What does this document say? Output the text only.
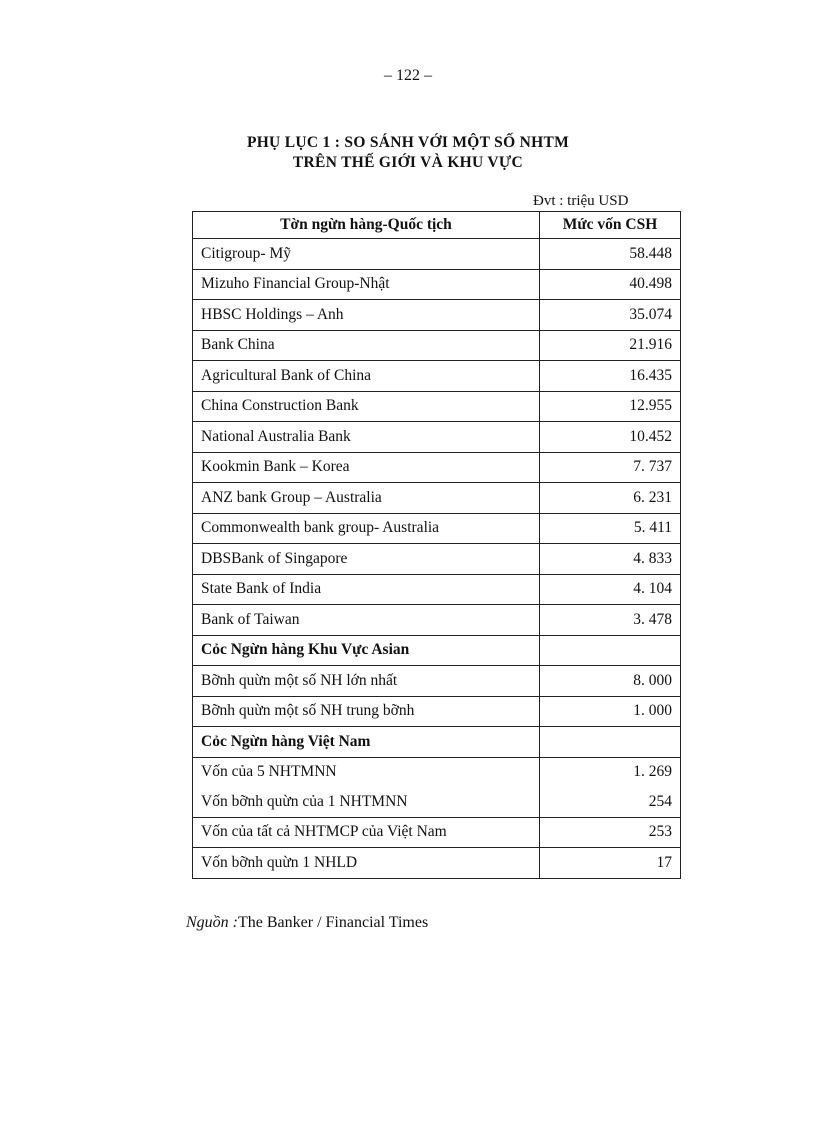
– 122 –
PHỤ LỤC 1 : SO SÁNH VỚI MỘT SỐ NHTM
TRÊN THẾ GIỚI VÀ KHU VỰC
Đvt : triệu USD
Tờn ngừn hàng-Quốc tịch	Mức vốn CSH
Citigroup- Mỹ	58.448
Mizuho Financial Group-Nhật	40.498
HBSC Holdings – Anh	35.074
Bank China	21.916
Agricultural Bank of China	16.435
China Construction Bank	12.955
National Australia Bank	10.452
Kookmin Bank – Korea	7. 737
ANZ bank Group – Australia	6. 231
Commonwealth bank group- Australia	5. 411
DBSBank of Singapore	4. 833
State Bank of India	4. 104
Bank of Taiwan	3. 478
Cỏc Ngừn hàng Khu Vực Asian	
Bỡnh quừn một số NH lớn nhất	8. 000
Bỡnh quừn một số NH trung bỡnh	1. 000
Cỏc Ngừn hàng Việt Nam	
Vốn của 5 NHTMNN	1. 269
Vốn bỡnh quừn của 1 NHTMNN	254
Vốn của tất cả NHTMCP của Việt Nam	253
Vốn bỡnh quừn 1 NHLD	17
Nguồn :The Banker / Financial Times
